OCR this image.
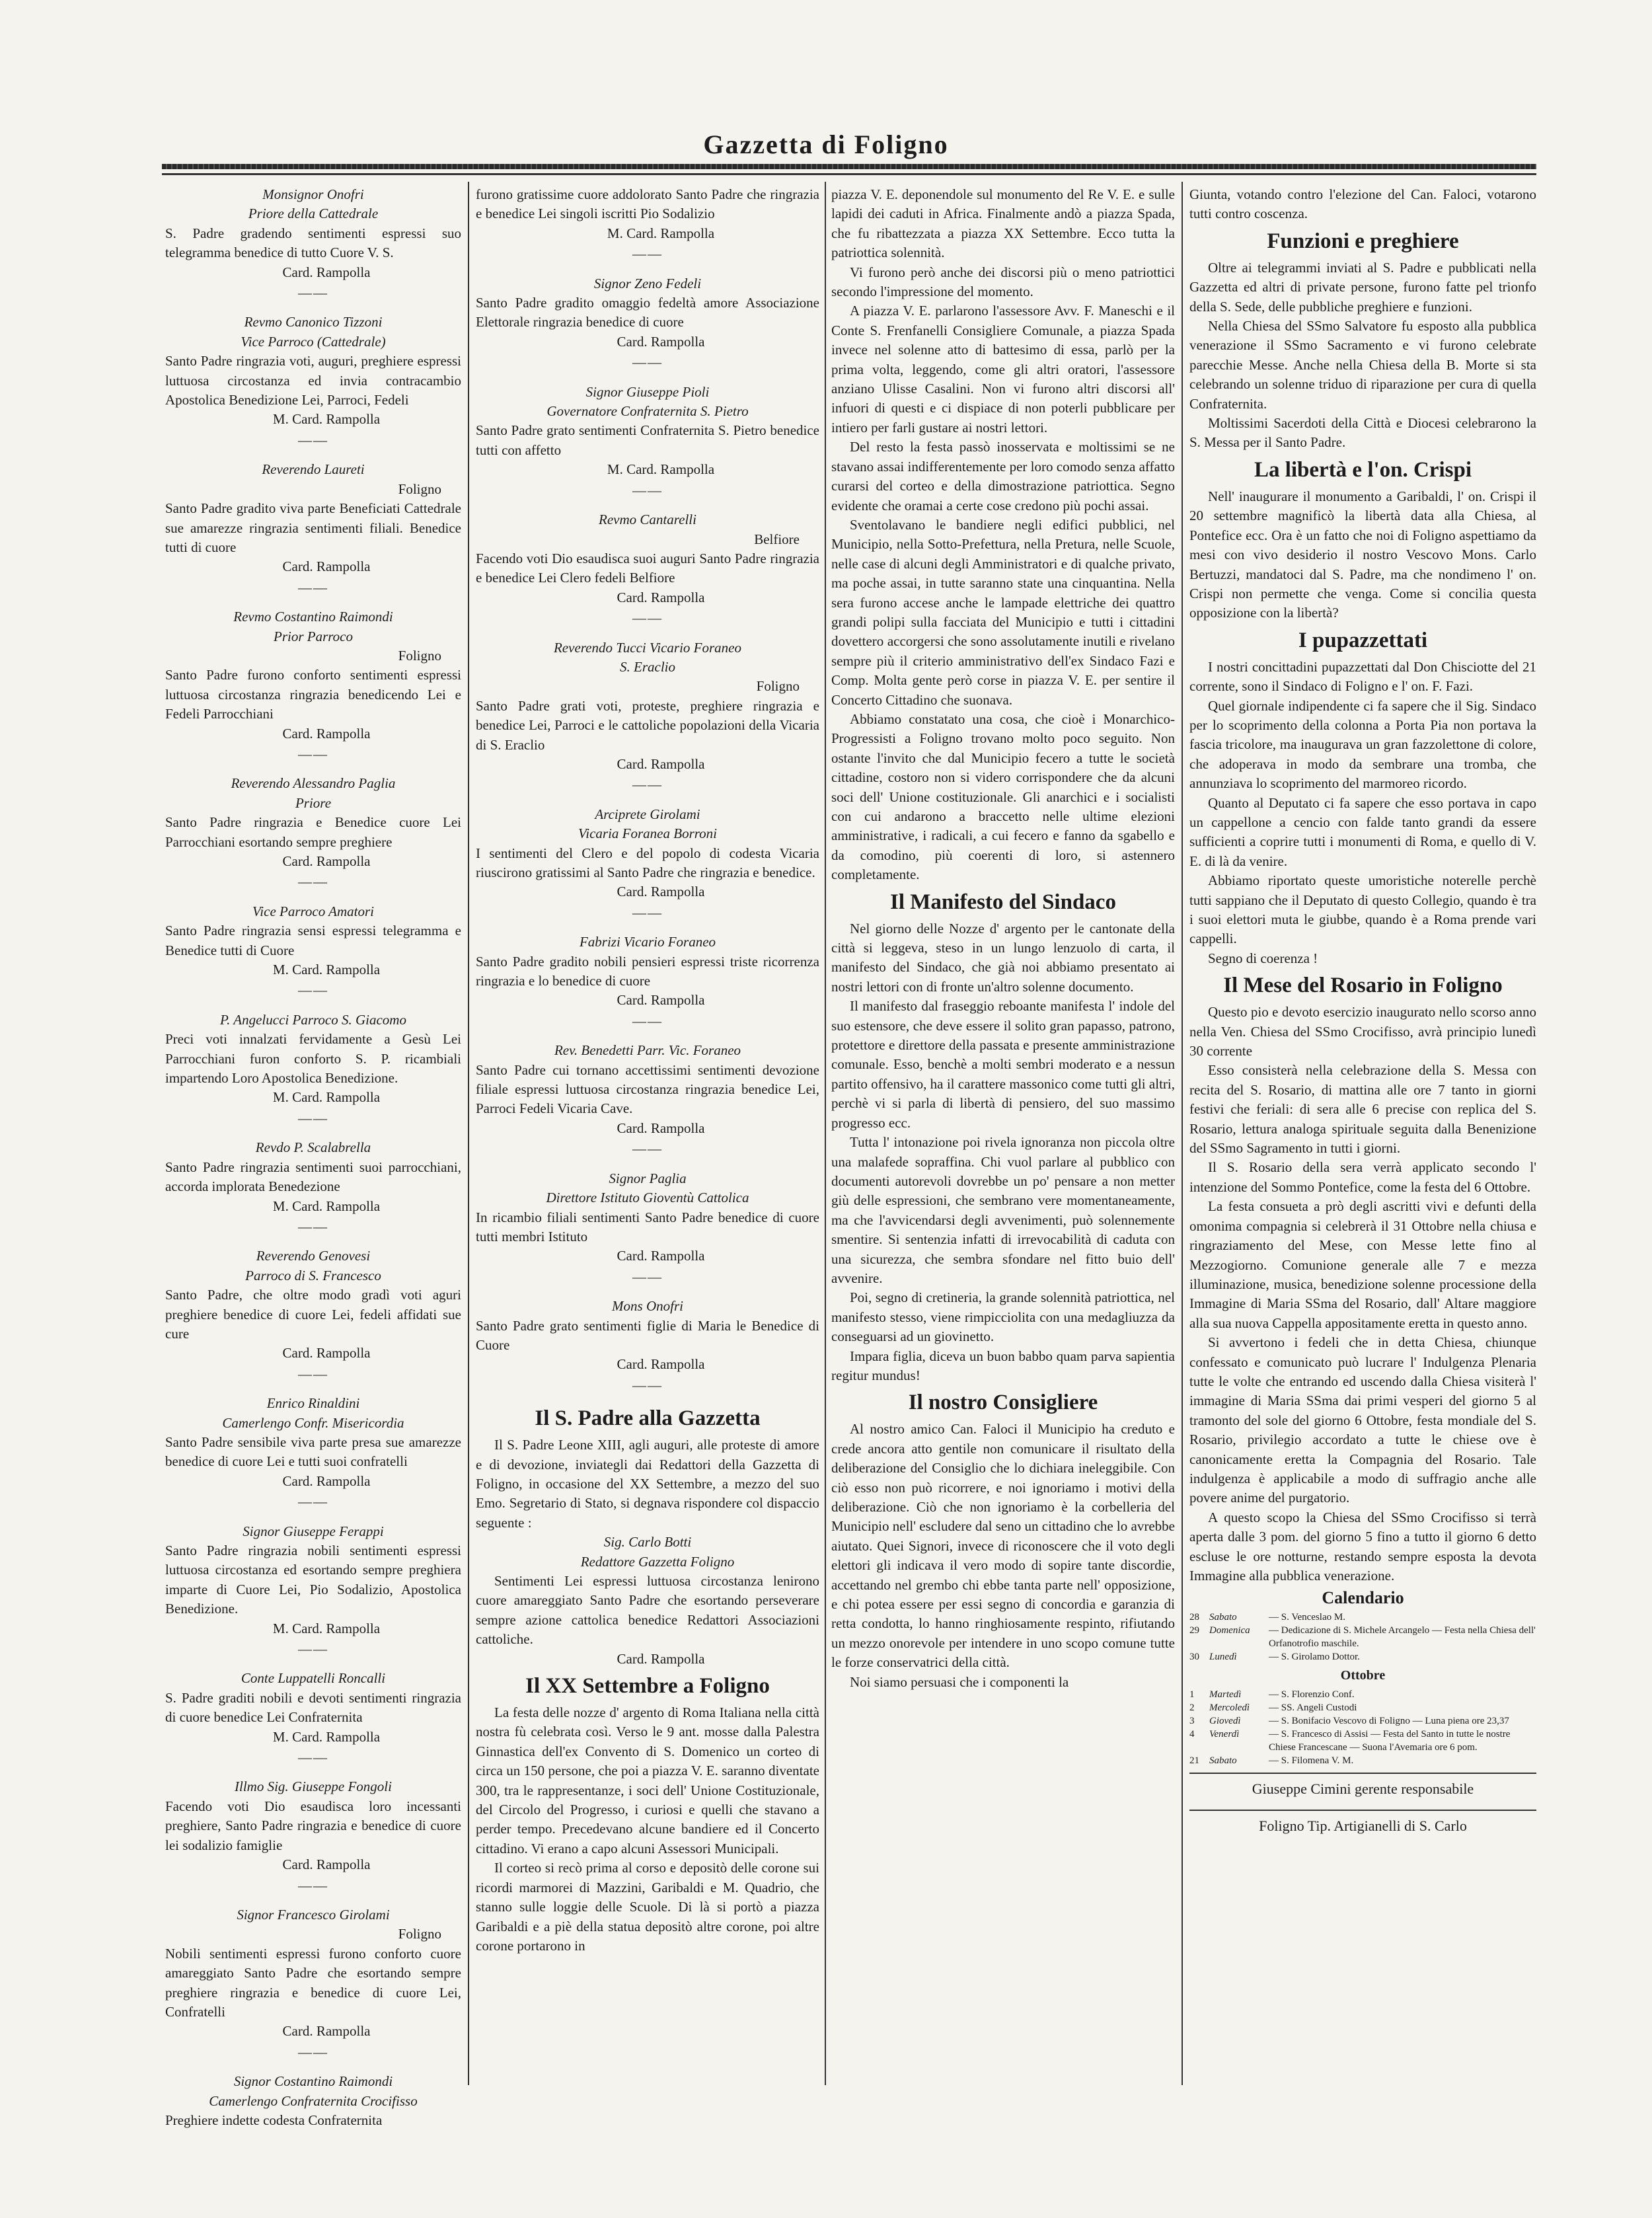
Gazzetta di Foligno
Monsignor Onofri
Priore della Cattedrale
S. Padre gradendo sentimenti espressi suo telegramma benedice di tutto Cuore V. S.
Card. Rampolla
——
Revmo Canonico Tizzoni
Vice Parroco (Cattedrale)
Santo Padre ringrazia voti, auguri, preghiere espressi luttuosa circostanza ed invia contracambio Apostolica Benedizione Lei, Parroci, Fedeli
M. Card. Rampolla
——
Reverendo Laureti
Foligno
Santo Padre gradito viva parte Beneficiati Cattedrale sue amarezze ringrazia sentimenti filiali. Benedice tutti di cuore
Card. Rampolla
——
Revmo Costantino Raimondi
Prior Parroco
Foligno
Santo Padre furono conforto sentimenti espressi luttuosa circostanza ringrazia benedicendo Lei e Fedeli Parrocchiani
Card. Rampolla
——
Reverendo Alessandro Paglia
Priore
Santo Padre ringrazia e Benedice cuore Lei Parrocchiani esortando sempre preghiere
Card. Rampolla
——
Vice Parroco Amatori
Santo Padre ringrazia sensi espressi telegramma e Benedice tutti di Cuore
M. Card. Rampolla
——
P. Angelucci Parroco S. Giacomo
Preci voti innalzati fervidamente a Gesù Lei Parrocchiani furon conforto S. P. ricambiali impartendo Loro Apostolica Benedizione.
M. Card. Rampolla
——
Revdo P. Scalabrella
Santo Padre ringrazia sentimenti suoi parrocchiani, accorda implorata Benedezione
M. Card. Rampolla
——
Reverendo Genovesi
Parroco di S. Francesco
Santo Padre, che oltre modo gradì voti aguri preghiere benedice di cuore Lei, fedeli affidati sue cure
Card. Rampolla
——
Enrico Rinaldini
Camerlengo Confr. Misericordia
Santo Padre sensibile viva parte presa sue amarezze benedice di cuore Lei e tutti suoi confratelli
Card. Rampolla
——
Signor Giuseppe Ferappi
Santo Padre ringrazia nobili sentimenti espressi luttuosa circostanza ed esortando sempre preghiera imparte di Cuore Lei, Pio Sodalizio, Apostolica Benedizione.
M. Card. Rampolla
——
Conte Luppatelli Roncalli
S. Padre graditi nobili e devoti sentimenti ringrazia di cuore benedice Lei Confraternita
M. Card. Rampolla
——
Illmo Sig. Giuseppe Fongoli
Facendo voti Dio esaudisca loro incessanti preghiere, Santo Padre ringrazia e benedice di cuore lei sodalizio famiglie
Card. Rampolla
——
Signor Francesco Girolami
Foligno
Nobili sentimenti espressi furono conforto cuore amareggiato Santo Padre che esortando sempre preghiere ringrazia e benedice di cuore Lei, Confratelli
Card. Rampolla
——
Signor Costantino Raimondi
Camerlengo Confraternita Crocifisso
Preghiere indette codesta Confraternita
furono gratissime cuore addolorato Santo Padre che ringrazia e benedice Lei singoli iscritti Pio Sodalizio
M. Card. Rampolla
——
Signor Zeno Fedeli
Santo Padre gradito omaggio fedeltà amore Associazione Elettorale ringrazia benedice di cuore
Card. Rampolla
——
Signor Giuseppe Pioli
Governatore Confraternita S. Pietro
Santo Padre grato sentimenti Confraternita S. Pietro benedice tutti con affetto
M. Card. Rampolla
——
Revmo Cantarelli
Belfiore
Facendo voti Dio esaudisca suoi auguri Santo Padre ringrazia e benedice Lei Clero fedeli Belfiore
Card. Rampolla
——
Reverendo Tucci Vicario Foraneo
S. Eraclio
Foligno
Santo Padre grati voti, proteste, preghiere ringrazia e benedice Lei, Parroci e le cattoliche popolazioni della Vicaria di S. Eraclio
Card. Rampolla
——
Arciprete Girolami
Vicaria Foranea Borroni
I sentimenti del Clero e del popolo di codesta Vicaria riuscirono gratissimi al Santo Padre che ringrazia e benedice.
Card. Rampolla
——
Fabrizi Vicario Foraneo
Santo Padre gradito nobili pensieri espressi triste ricorrenza ringrazia e lo benedice di cuore
Card. Rampolla
——
Rev. Benedetti Parr. Vic. Foraneo
Santo Padre cui tornano accettissimi sentimenti devozione filiale espressi luttuosa circostanza ringrazia benedice Lei, Parroci Fedeli Vicaria Cave.
Card. Rampolla
——
Signor Paglia
Direttore Istituto Gioventù Cattolica
In ricambio filiali sentimenti Santo Padre benedice di cuore tutti membri Istituto
Card. Rampolla
——
Mons Onofri
Santo Padre grato sentimenti figlie di Maria le Benedice di Cuore
Card. Rampolla
——
Il S. Padre alla Gazzetta

Il S. Padre Leone XIII, agli auguri, alle proteste di amore e di devozione, inviategli dai Redattori della Gazzetta di Foligno, in occasione del XX Settembre, a mezzo del suo Emo. Segretario di Stato, si degnava rispondere col dispaccio seguente :

Sig. Carlo Botti
Redattore Gazzetta Foligno

Sentimenti Lei espressi luttuosa circostanza lenirono cuore amareggiato Santo Padre che esortando perseverare sempre azione cattolica benedice Redattori Associazioni cattoliche.

Card. Rampolla
Il XX Settembre a Foligno

La festa delle nozze d' argento di Roma Italiana nella città nostra fù celebrata così. Verso le 9 ant. mosse dalla Palestra Ginnastica dell'ex Convento di S. Domenico un corteo di circa un 150 persone, che poi a piazza V. E. saranno diventate 300, tra le rappresentanze, i soci dell' Unione Costituzionale, del Circolo del Progresso, i curiosi e quelli che stavano a perder tempo. Precedevano alcune bandiere ed il Concerto cittadino. Vi erano a capo alcuni Assessori Municipali.

Il corteo si recò prima al corso e depositò delle corone sui ricordi marmorei di Mazzini, Garibaldi e M. Quadrio, che stanno sulle loggie delle Scuole. Di là si portò a piazza Garibaldi e a piè della statua depositò altre corone, poi altre corone portarono in

piazza V. E. deponendole sul monumento del Re V. E. e sulle lapidi dei caduti in Africa. Finalmente andò a piazza Spada, che fu ribattezzata a piazza XX Settembre. Ecco tutta la patriottica solennità.

Vi furono però anche dei discorsi più o meno patriottici secondo l'impressione del momento.

A piazza V. E. parlarono l'assessore Avv. F. Maneschi e il Conte S. Frenfanelli Consigliere Comunale, a piazza Spada invece nel solenne atto di battesimo di essa, parlò per la prima volta, leggendo, come gli altri oratori, l'assessore anziano Ulisse Casalini. Non vi furono altri discorsi all' infuori di questi e ci dispiace di non poterli pubblicare per intiero per farli gustare ai nostri lettori.

Del resto la festa passò inosservata e moltissimi se ne stavano assai indifferentemente per loro comodo senza affatto curarsi del corteo e della dimostrazione patriottica. Segno evidente che oramai a certe cose credono più pochi assai.

Sventolavano le bandiere negli edifici pubblici, nel Municipio, nella Sotto-Prefettura, nella Pretura, nelle Scuole, nelle case di alcuni degli Amministratori e di qualche privato, ma poche assai, in tutte saranno state una cinquantina. Nella sera furono accese anche le lampade elettriche dei quattro grandi polipi sulla facciata del Municipio e tutti i cittadini dovettero accorgersi che sono assolutamente inutili e rivelano sempre più il criterio amministrativo dell'ex Sindaco Fazi e Comp. Molta gente però corse in piazza V. E. per sentire il Concerto Cittadino che suonava.

Abbiamo constatato una cosa, che cioè i Monarchico-Progressisti a Foligno trovano molto poco seguito. Non ostante l'invito che dal Municipio fecero a tutte le società cittadine, costoro non si videro corrispondere che da alcuni soci dell' Unione costituzionale. Gli anarchici e i socialisti con cui andarono a braccetto nelle ultime elezioni amministrative, i radicali, a cui fecero e fanno da sgabello e da comodino, più coerenti di loro, si astennero completamente.

Il Manifesto del Sindaco

Nel giorno delle Nozze d' argento per le cantonate della città si leggeva, steso in un lungo lenzuolo di carta, il manifesto del Sindaco, che già noi abbiamo presentato ai nostri lettori con di fronte un'altro solenne documento.

Il manifesto dal fraseggio reboante manifesta l' indole del suo estensore, che deve essere il solito gran papasso, patrono, protettore e direttore della passata e presente amministrazione comunale. Esso, benchè a molti sembri moderato e a nessun partito offensivo, ha il carattere massonico come tutti gli altri, perchè vi si parla di libertà di pensiero, del suo massimo progresso ecc.

Tutta l' intonazione poi rivela ignoranza non piccola oltre una malafede sopraffina. Chi vuol parlare al pubblico con documenti autorevoli dovrebbe un po' pensare a non metter giù delle espressioni, che sembrano vere momentaneamente, ma che l'avvicendarsi degli avvenimenti, può solennemente smentire. Si sentenzia infatti di irrevocabilità di caduta con una sicurezza, che sembra sfondare nel fitto buio dell' avvenire.

Poi, segno di cretineria, la grande solennità patriottica, nel manifesto stesso, viene rimpicciolita con una medagliuzza da conseguarsi ad un giovinetto.

Impara figlia, diceva un buon babbo quam parva sapientia regitur mundus!

Il nostro Consigliere

Al nostro amico Can. Faloci il Municipio ha creduto e crede ancora atto gentile non comunicare il risultato della deliberazione del Consiglio che lo dichiara ineleggibile. Con ciò esso non può ricorrere, e noi ignoriamo i motivi della deliberazione. Ciò che non ignoriamo è la corbelleria del Municipio nell' escludere dal seno un cittadino che lo avrebbe aiutato. Quei Signori, invece di riconoscere che il voto degli elettori gli indicava il vero modo di sopire tante discordie, accettando nel grembo chi ebbe tanta parte nell' opposizione, e chi potea essere per essi segno di concordia e garanzia di retta condotta, lo hanno ringhiosamente respinto, rifiutando un mezzo onorevole per intendere in uno scopo comune tutte le forze conservatrici della città.

Noi siamo persuasi che i componenti la

Giunta, votando contro l'elezione del Can. Faloci, votarono tutti contro coscenza.

Funzioni e preghiere

Oltre ai telegrammi inviati al S. Padre e pubblicati nella Gazzetta ed altri di private persone, furono fatte pel trionfo della S. Sede, delle pubbliche preghiere e funzioni.

Nella Chiesa del SSmo Salvatore fu esposto alla pubblica venerazione il SSmo Sacramento e vi furono celebrate parecchie Messe. Anche nella Chiesa della B. Morte si sta celebrando un solenne triduo di riparazione per cura di quella Confraternita.

Moltissimi Sacerdoti della Città e Diocesi celebrarono la S. Messa per il Santo Padre.

La libertà e l'on. Crispi

Nell' inaugurare il monumento a Garibaldi, l' on. Crispi il 20 settembre magnificò la libertà data alla Chiesa, al Pontefice ecc. Ora è un fatto che noi di Foligno aspettiamo da mesi con vivo desiderio il nostro Vescovo Mons. Carlo Bertuzzi, mandatoci dal S. Padre, ma che nondimeno l' on. Crispi non permette che venga. Come si conciliа questa opposizione con la libertà?

I pupazzettati

I nostri concittadini pupazzettati dal Don Chisciotte del 21 corrente, sono il Sindaco di Foligno e l' on. F. Fazi.

Quel giornale indipendente ci fa sapere che il Sig. Sindaco per lo scoprimento della colonna a Porta Pia non portava la fascia tricolore, ma inaugurava un gran fazzolettone di colore, che adoperava in modo da sembrare una tromba, che annunziava lo scoprimento del marmoreo ricordo.

Quanto al Deputato ci fa sapere che esso portava in capo un cappellone a cencio con falde tanto grandi da essere sufficienti a coprire tutti i monumenti di Roma, e quello di V. E. di là da venire.

Abbiamo riportato queste umoristiche noterelle perchè tutti sappiano che il Deputato di questo Collegio, quando è tra i suoi elettori muta le giubbe, quando è a Roma prende vari cappelli.

Segno di coerenza !

Il Mese del Rosario in Foligno

Questo pio e devoto esercizio inaugurato nello scorso anno nella Ven. Chiesa del SSmo Crocifisso, avrà principio lunedì 30 corrente

Esso consisterà nella celebrazione della S. Messa con recita del S. Rosario, di mattina alle ore 7 tanto in giorni festivi che feriali: di sera alle 6 precise con replica del S. Rosario, lettura analoga spirituale seguita dalla Benenizione del SSmo Sagramento in tutti i giorni.

Il S. Rosario della sera verrà applicato secondo l' intenzione del Sommo Pontefice, come la festa del 6 Ottobre.

La festa consueta a prò degli ascritti vivi e defunti della omonima compagnia si celebrerà il 31 Ottobre nella chiusa e ringraziamento del Mese, con Messe lette fino al Mezzogiorno. Comunione generale alle 7 e mezza illuminazione, musica, benedizione solenne processione della Immagine di Maria SSma del Rosario, dall' Altare maggiore alla sua nuova Cappella appositamente eretta in questo anno.

Si avvertono i fedeli che in detta Chiesa, chiunque confessato e comunicato può lucrare l' Indulgenza Plenaria tutte le volte che entrando ed uscendo dalla Chiesa visiterà l' immagine di Maria SSma dai primi vesperi del giorno 5 al tramonto del sole del giorno 6 Ottobre, festa mondiale del S. Rosario, privilegio accordato a tutte le chiese ove è canonicamente eretta la Compagnia del Rosario. Tale indulgenza è applicabile a modo di suffragio anche alle povere anime del purgatorio.

A questo scopo la Chiesa del SSmo Crocifisso si terrà aperta dalle 3 pom. del giorno 5 fino a tutto il giorno 6 detto escluse le ore notturne, restando sempre esposta la devota Immagine alla pubblica venerazione.

Calendario
28	Sabato	— S. Venceslao M.
29	Domenica	— Dedicazione di S. Michele Arcangelo — Festa nella Chiesa dell' Orfanotrofio maschile.
30	Lunedì	— S. Girolamo Dottor.
Ottobre
1	Martedì	— S. Florenzio Conf.
2	Mercoledì	— SS. Angeli Custodi
3	Giovedì	— S. Bonifacio Vescovo di Foligno — Luna piena ore 23,37
4	Venerdì	— S. Francesco di Assisi — Festa del Santo in tutte le nostre Chiese Francescane — Suona l'Avemaria ore 6 pom.
21	Sabato	— S. Filomena V. M.
Giuseppe Cimini gerente responsabile
Foligno Tip. Artigianelli di S. Carlo
